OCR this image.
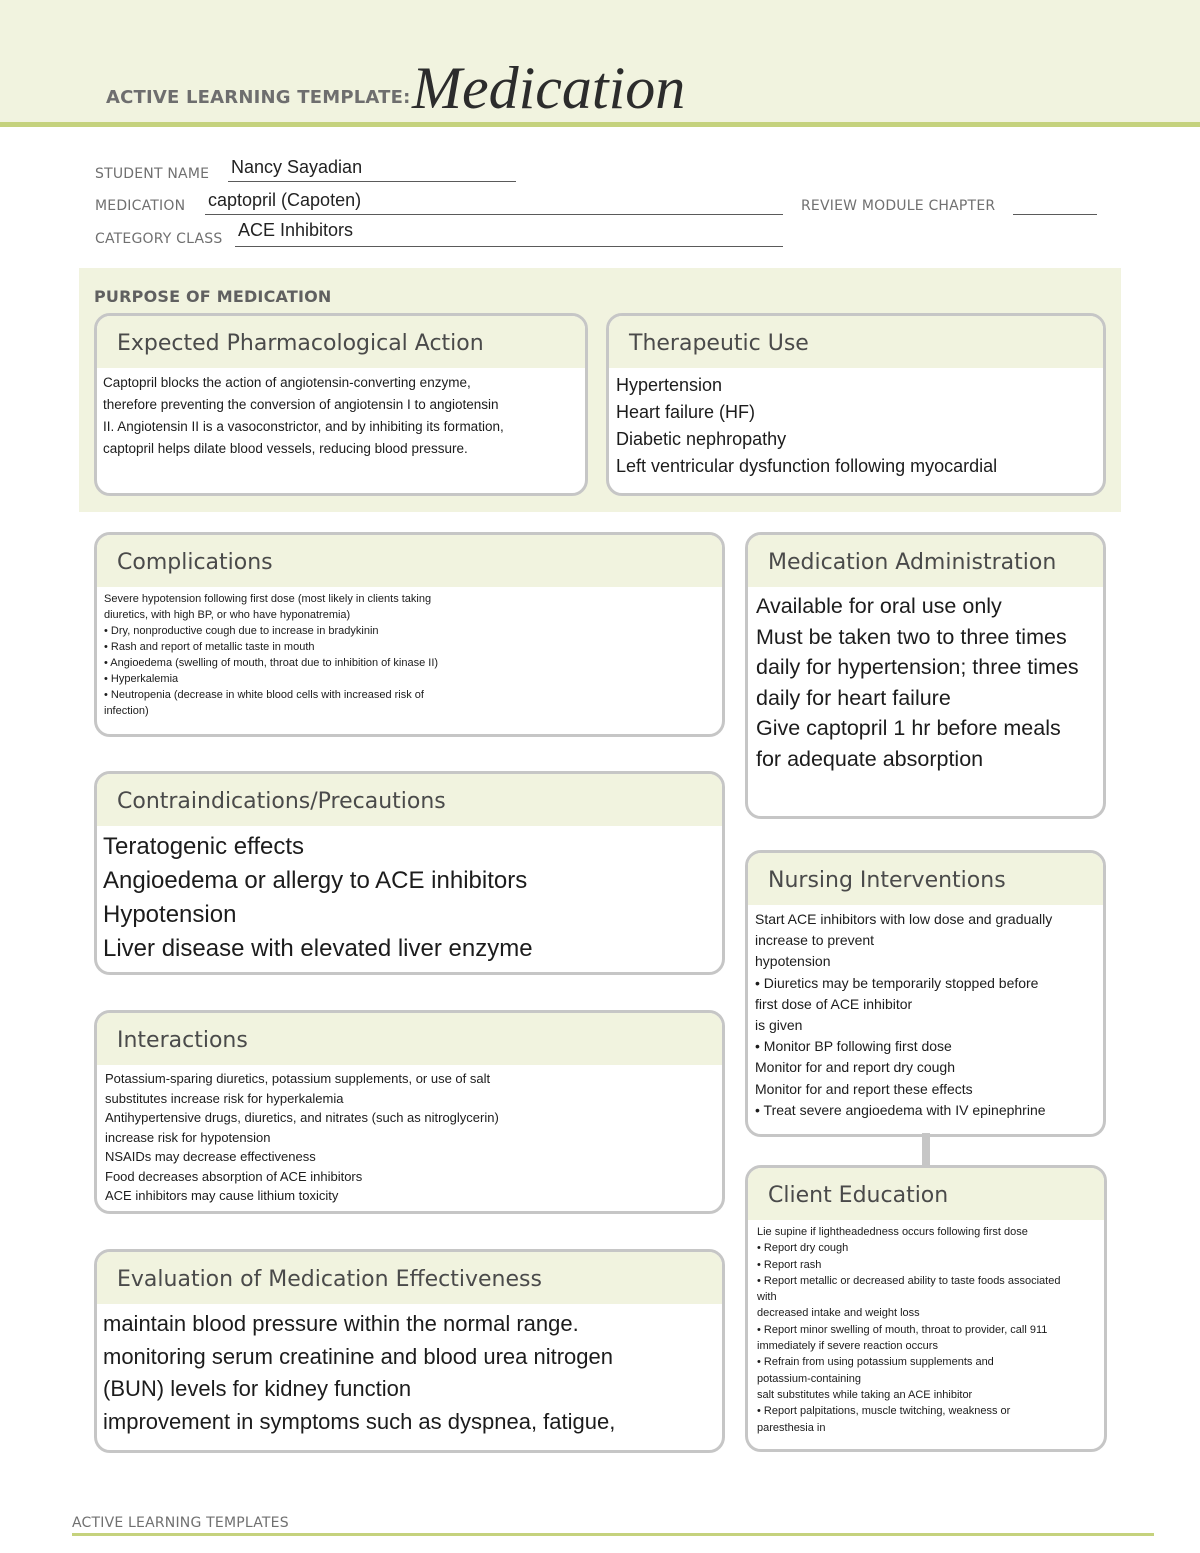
ACTIVE LEARNING TEMPLATE: Medication
STUDENT NAME Nancy Sayadian
MEDICATION captopril (Capoten)	REVIEW MODULE CHAPTER
CATEGORY CLASS ACE Inhibitors
PURPOSE OF MEDICATION
Expected Pharmacological Action
Captopril blocks the action of angiotensin-converting enzyme,
therefore preventing the conversion of angiotensin I to angiotensin
II. Angiotensin II is a vasoconstrictor, and by inhibiting its formation,
captopril helps dilate blood vessels, reducing blood pressure.
Therapeutic Use
Hypertension
Heart failure (HF)
Diabetic nephropathy
Left ventricular dysfunction following myocardial
Complications
Severe hypotension following first dose (most likely in clients taking
diuretics, with high BP, or who have hyponatremia)
• Dry, nonproductive cough due to increase in bradykinin
• Rash and report of metallic taste in mouth
• Angioedema (swelling of mouth, throat due to inhibition of kinase II)
• Hyperkalemia
• Neutropenia (decrease in white blood cells with increased risk of
infection)
Medication Administration
Available for oral use only
Must be taken two to three times
daily for hypertension; three times
daily for heart failure
Give captopril 1 hr before meals
for adequate absorption
Contraindications/Precautions
Teratogenic effects
Angioedema or allergy to ACE inhibitors
Hypotension
Liver disease with elevated liver enzyme
Nursing Interventions
Start ACE inhibitors with low dose and gradually
increase to prevent
hypotension
• Diuretics may be temporarily stopped before
first dose of ACE inhibitor
is given
• Monitor BP following first dose
Monitor for and report dry cough
Monitor for and report these effects
• Treat severe angioedema with IV epinephrine
Interactions
Potassium-sparing diuretics, potassium supplements, or use of salt
substitutes increase risk for hyperkalemia
Antihypertensive drugs, diuretics, and nitrates (such as nitroglycerin)
increase risk for hypotension
NSAIDs may decrease effectiveness
Food decreases absorption of ACE inhibitors
ACE inhibitors may cause lithium toxicity	Client Education
Lie supine if lightheadedness occurs following first dose
• Report dry cough
• Report rash
• Report metallic or decreased ability to taste foods associated
with
decreased intake and weight loss
• Report minor swelling of mouth, throat to provider, call 911
immediately if severe reaction occurs
• Refrain from using potassium supplements and
potassium-containing
salt substitutes while taking an ACE inhibitor
• Report palpitations, muscle twitching, weakness or
paresthesia in
Evaluation of Medication Effectiveness
maintain blood pressure within the normal range.
monitoring serum creatinine and blood urea nitrogen
(BUN) levels for kidney function
improvement in symptoms such as dyspnea, fatigue,
ACTIVE LEARNING TEMPLATES
